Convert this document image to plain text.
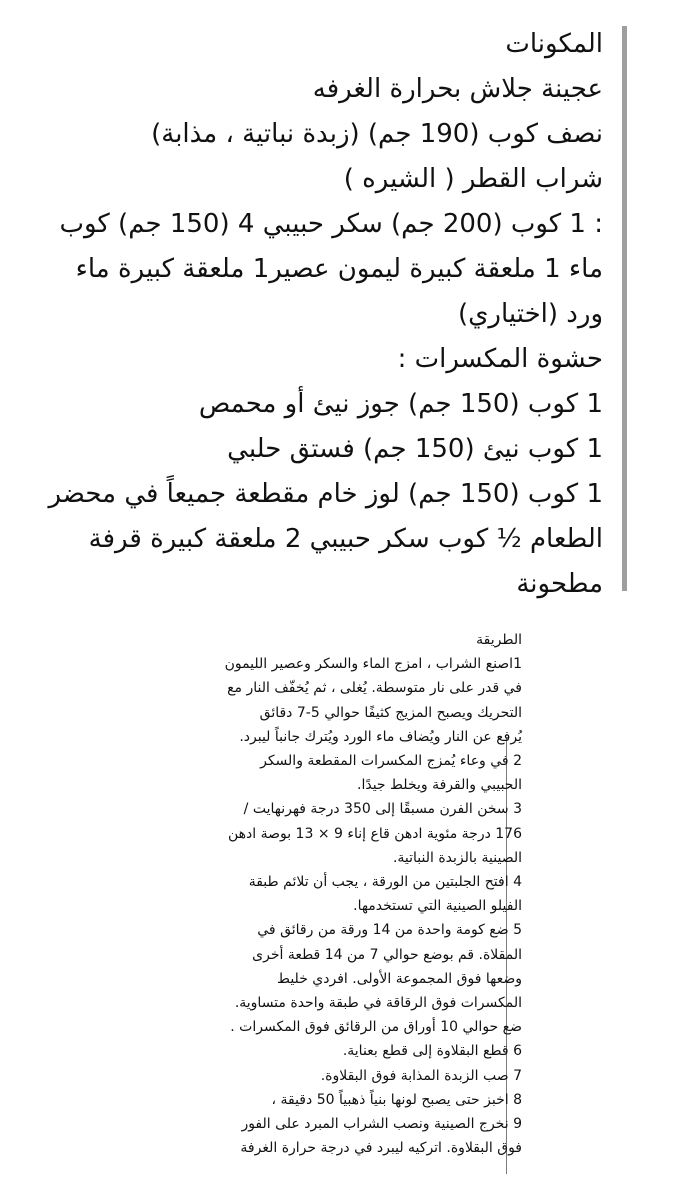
المكونات

عجينة جلاش بحرارة الغرفه

نصف كوب (190 جم) (زبدة نباتية ، مذابة)

شراب القطر ( الشيره )

: 1 كوب (200 جم) سكر حبيبي 4 (150 جم) كوب

ماء 1 ملعقة كبيرة ليمون عصير1 ملعقة كبيرة ماء

ورد (اختياري)

حشوة المكسرات :

1 كوب (150 جم) جوز نيئ أو محمص

1 كوب نيئ (150 جم) فستق حلبي

1 كوب (150 جم) لوز خام مقطعة جميعاً في محضر

الطعام ½ كوب سكر حبيبي 2 ملعقة كبيرة قرفة

مطحونة

الطريقة

1اصنع الشراب ، امزج الماء والسكر وعصير الليمون

في قدر على نار متوسطة. يُغلى ، ثم يُخفّف النار مع

التحريك ويصبح المزيج كثيفًا حوالي 5-7 دقائق

يُرفع عن النار ويُضاف ماء الورد ويُترك جانباً ليبرد.

2 في وعاء يُمزج المكسرات المقطعة والسكر

الحبيبي والقرفة ويخلط جيدًا.

3 سخن الفرن مسبقًا إلى 350 درجة فهرنهايت /

176 درجة مئوية ادهن قاع إناء 9 × 13 بوصة ادهن

الصينية بالزبدة النباتية.

4 افتح الجلبتين من الورقة ، يجب أن تلائم طبقة

الفيلو الصينية التي تستخدمها.

5 ضع كومة واحدة من 14 ورقة من رقائق في

المقلاة. قم بوضع حوالي 7 من 14 قطعة أخرى

وضعها فوق المجموعة الأولى. افردي خليط

المكسرات فوق الرقاقة في طبقة واحدة متساوية.

ضع حوالي 10 أوراق من الرقائق فوق المكسرات .

6 قطع البقلاوة إلى قطع بعناية.

7 صب الزبدة المذابة فوق البقلاوة.

8 اخبز حتى يصبح لونها بنياً ذهبياً 50 دقيقة ،

9 نخرج الصينية ونصب الشراب المبرد على الفور

فوق البقلاوة. اتركيه ليبرد في درجة حرارة الغرفة
